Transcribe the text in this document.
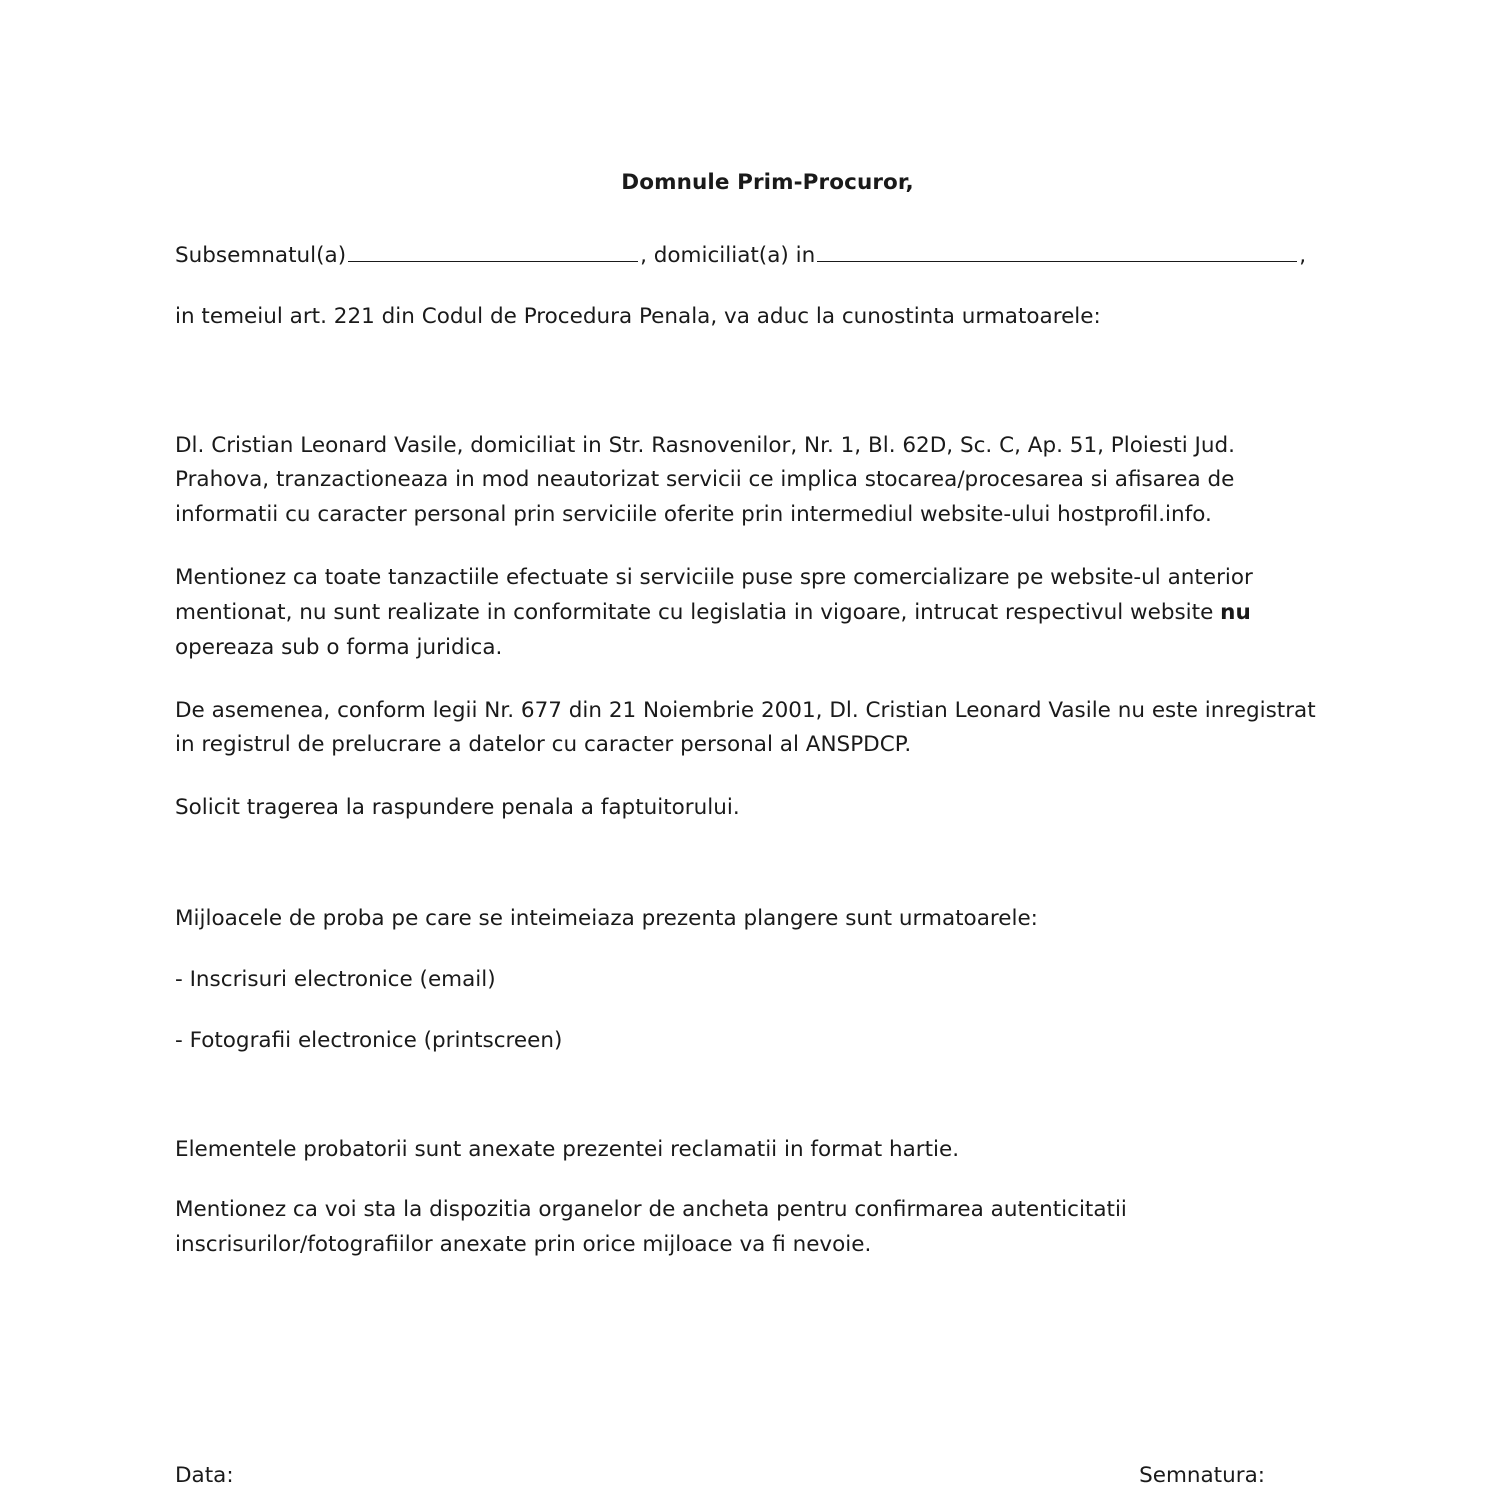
Domnule Prim-Procuror,

Subsemnatul(a)	, domiciliat(a) in	,

in temeiul art. 221 din Codul de Procedura Penala, va aduc la cunostinta urmatoarele:

Dl. Cristian Leonard Vasile, domiciliat in Str. Rasnovenilor, Nr. 1, Bl. 62D, Sc. C, Ap. 51, Ploiesti Jud. Prahova, tranzactioneaza in mod neautorizat servicii ce implica stocarea/procesarea si afisarea de informatii cu caracter personal prin serviciile oferite prin intermediul website-ului hostprofil.info.

Mentionez ca toate tanzactiile efectuate si serviciile puse spre comercializare pe website-ul anterior mentionat, nu sunt realizate in conformitate cu legislatia in vigoare, intrucat respectivul website nu opereaza sub o forma juridica.

De asemenea, conform legii Nr. 677 din 21 Noiembrie 2001, Dl. Cristian Leonard Vasile nu este inregistrat in registrul de prelucrare a datelor cu caracter personal al ANSPDCP.

Solicit tragerea la raspundere penala a faptuitorului.

Mijloacele de proba pe care se inteimeiaza prezenta plangere sunt urmatoarele:

- Inscrisuri electronice (email)

- Fotografii electronice (printscreen)

Elementele probatorii sunt anexate prezentei reclamatii in format hartie.

Mentionez ca voi sta la dispozitia organelor de ancheta pentru confirmarea autenticitatii inscrisurilor/fotografiilor anexate prin orice mijloace va fi nevoie.

Data:	Semnatura:
